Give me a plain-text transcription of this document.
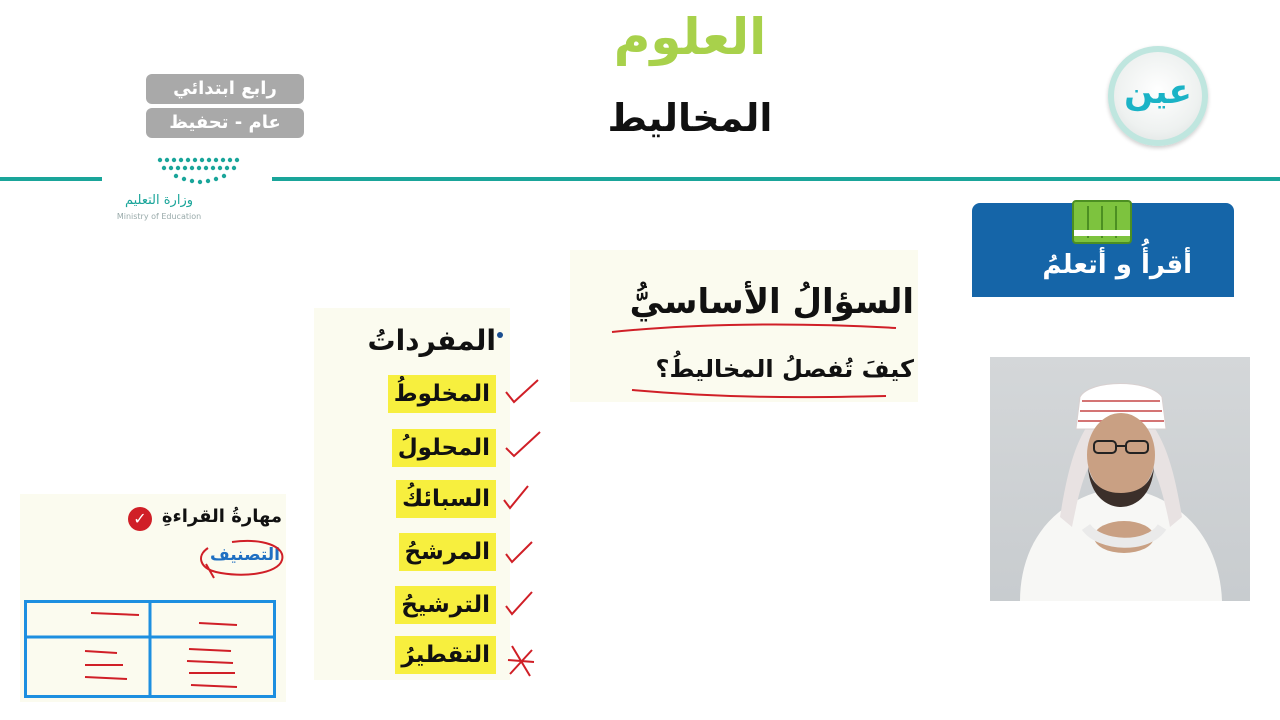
العلوم
المخاليط
رابع ابتدائي
عام - تحفيظ
وزارة التعليم
Ministry of Education
عين
أقرأُ و أتعلمُ
السؤالُ الأساسيُّ
كيفَ تُفصلُ المخاليطُ؟
المفرداتُ
المخلوطُ
المحلولُ
السبائكُ
المرشحُ
الترشيحُ
التقطيرُ
مهارةُ القراءةِ
✓
التصنيف
